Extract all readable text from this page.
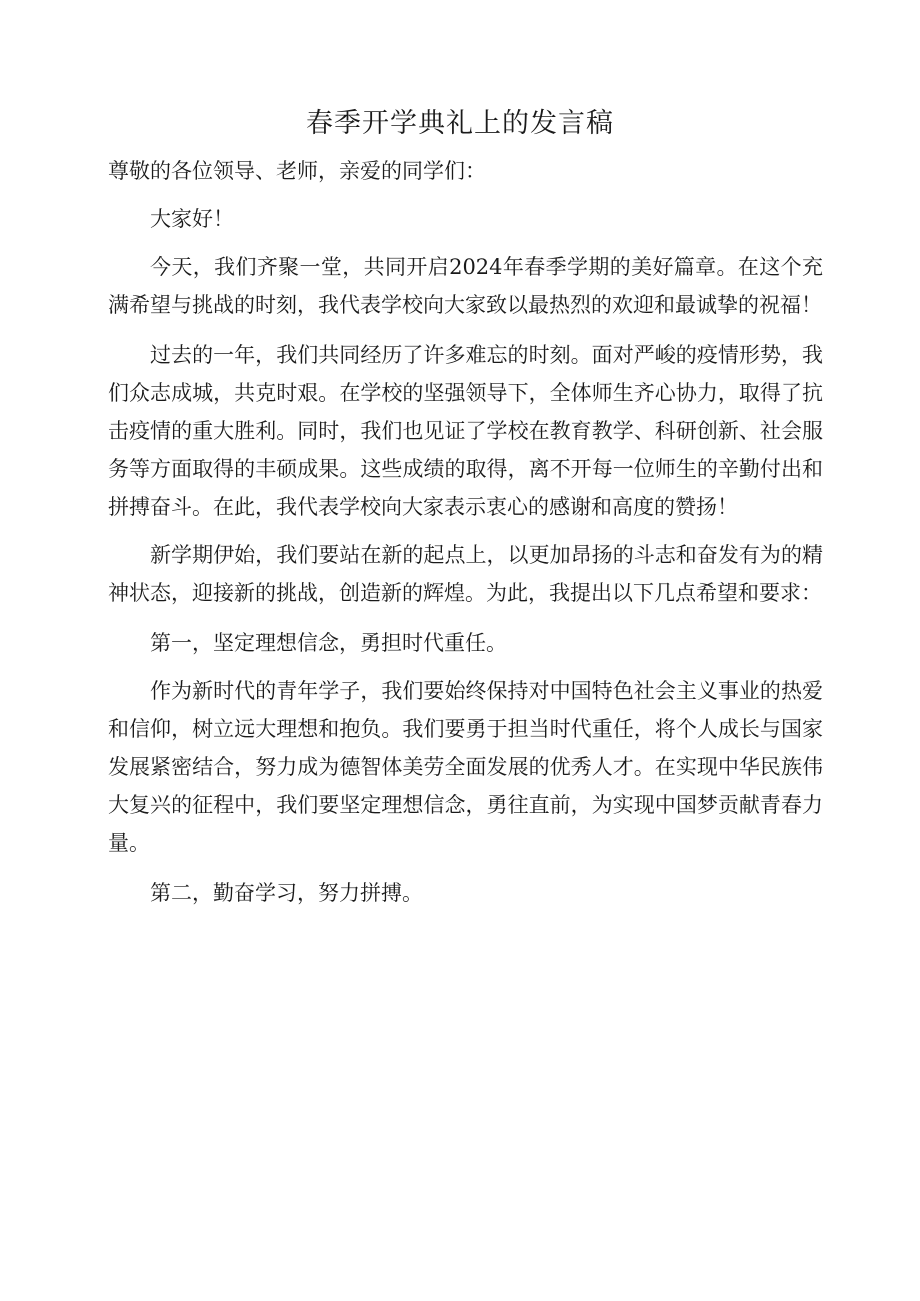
春季开学典礼上的发言稿

尊敬的各位领导、老师，亲爱的同学们：

大家好！

今天，我们齐聚一堂，共同开启2024年春季学期的美好篇章。在这个充满希望与挑战的时刻，我代表学校向大家致以最热烈的欢迎和最诚挚的祝福！

过去的一年，我们共同经历了许多难忘的时刻。面对严峻的疫情形势，我们众志成城，共克时艰。在学校的坚强领导下，全体师生齐心协力，取得了抗击疫情的重大胜利。同时，我们也见证了学校在教育教学、科研创新、社会服务等方面取得的丰硕成果。这些成绩的取得，离不开每一位师生的辛勤付出和拼搏奋斗。在此，我代表学校向大家表示衷心的感谢和高度的赞扬！

新学期伊始，我们要站在新的起点上，以更加昂扬的斗志和奋发有为的精神状态，迎接新的挑战，创造新的辉煌。为此，我提出以下几点希望和要求：

第一，坚定理想信念，勇担时代重任。

作为新时代的青年学子，我们要始终保持对中国特色社会主义事业的热爱和信仰，树立远大理想和抱负。我们要勇于担当时代重任，将个人成长与国家发展紧密结合，努力成为德智体美劳全面发展的优秀人才。在实现中华民族伟大复兴的征程中，我们要坚定理想信念，勇往直前，为实现中国梦贡献青春力量。

第二，勤奋学习，努力拼搏。
